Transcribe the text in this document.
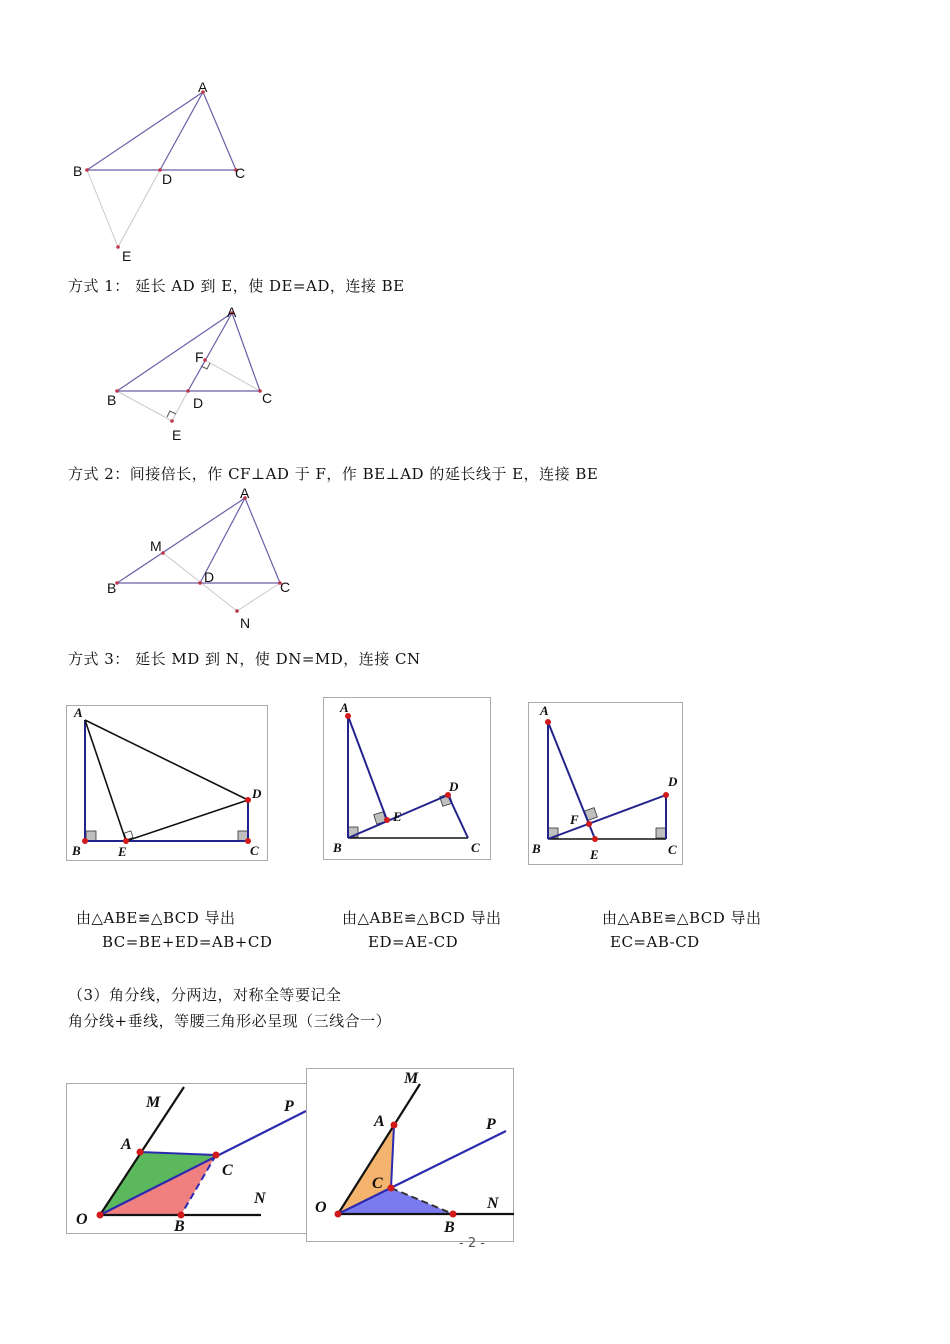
A
B	C
D
E
方式 1： 延长 AD 到 E，使 DE=AD，连接 BE
A
B	C
D
E
F
方式 2：间接倍长，作 CF⊥AD 于 F，作 BE⊥AD 的延长线于 E，连接 BE
A
B	C
D
M
N
方式 3： 延长 MD 到 N，使 DN=MD，连接 CN
A
B	C
D
E
A
B	C
D
E
A
B	C
D
E
F
由△ABE≌△BCD 导出
BC=BE+ED=AB+CD
由△ABE≌△BCD 导出
ED=AE-CD
由△ABE≌△BCD 导出
EC=AB-CD
（3）角分线，分两边，对称全等要记全
角分线+垂线，等腰三角形必呈现（三线合一）
M	P
A
C
O	B
N
M
A	P
C
O	N
B
- 2 -
